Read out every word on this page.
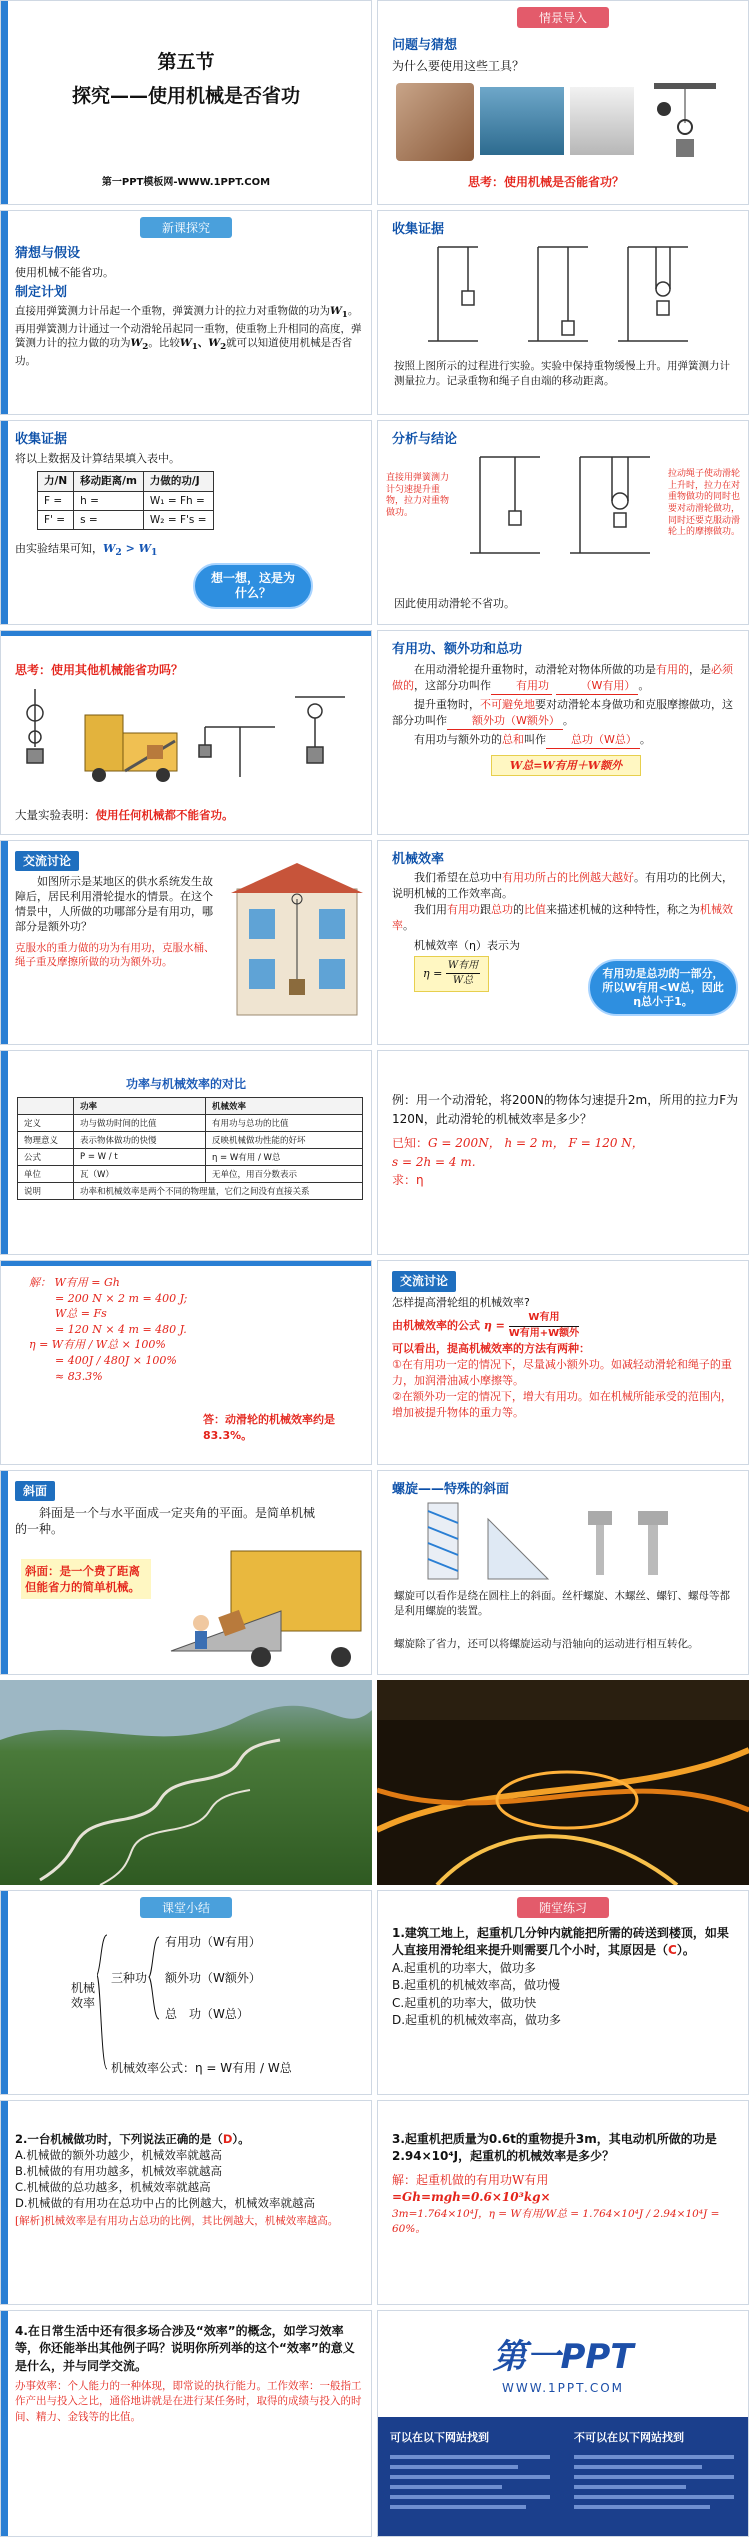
第五节
探究——使用机械是否省功
第一PPT模板网-WWW.1PPT.COM
情景导入
问题与猜想
为什么要使用这些工具？
思考：使用机械是否能省功？
新课探究
猜想与假设
使用机械不能省功。
制定计划
直接用弹簧测力计吊起一个重物，弹簧测力计的拉力对重物做的功为$W_1$。再用弹簧测力计通过一个动滑轮吊起同一重物，使重物上升相同的高度，弹簧测力计的拉力做的功为$W_2$。比较$W_1$、$W_2$就可以知道使用机械是否省功。
收集证据
按照上图所示的过程进行实验。实验中保持重物缓慢上升。用弹簧测力计测量拉力。记录重物和绳子自由端的移动距离。
收集证据
将以上数据及计算结果填入表中。
力/N	移动距离/m	力做的功/J
F =	h =	W₁ = Fh =
F' =	s =	W₂ = F's =
由实验结果可知，$W_2 > W_1$
想一想，这是为什么？
分析与结论
直接用弹簧测力计匀速提升重物，拉力对重物做功。
拉动绳子使动滑轮上升时，拉力在对重物做功的同时也要对动滑轮做功，同时还要克服动滑轮上的摩擦做功。
因此使用动滑轮不省功。
思考：使用其他机械能省功吗？
大量实验表明：使用任何机械都不能省功。
有用功、额外功和总功
在用动滑轮提升重物时，动滑轮对物体所做的功是有用的，是必须做的，这部分功叫作 有用功	（W有用） 。
提升重物时，不可避免地要对动滑轮本身做功和克服摩擦做功，这部分功叫作 额外功（W额外） 。
有用功与额外功的总和叫作 总功（W总） 。
W总=W有用＋W额外
交流讨论
如图所示是某地区的供水系统发生故障后，居民利用滑轮提水的情景。在这个情景中，人所做的功哪部分是有用功，哪部分是额外功？
克服水的重力做的功为有用功，克服水桶、绳子重及摩擦所做的功为额外功。
机械效率
我们希望在总功中有用功所占的比例越大越好。有用功的比例大，说明机械的工作效率高。
我们用有用功跟总功的比值来描述机械的这种特性，称之为机械效率。
机械效率（η）表示为
$\eta = \frac{\text{W有用}}{\text{W总}}$	有用功是总功的一部分，所以W有用<W总，因此η总小于1。
功率与机械效率的对比
	功率	机械效率
定义	功与做功时间的比值	有用功与总功的比值
物理意义	表示物体做功的快慢	反映机械做功性能的好坏
公式	P = W / t	η = W有用 / W总
单位	瓦（W）	无单位，用百分数表示
说明	功率和机械效率是两个不同的物理量，它们之间没有直接关系	
例：用一个动滑轮，将200N的物体匀速提升2m，所用的拉力F为120N，此动滑轮的机械效率是多少？
已知：G = 200N， h = 2 m， F = 120 N，
s = 2h = 4 m.
求：η
解： W有用 = Gh
= 200 N × 2 m = 400 J;
W总 = Fs
= 120 N × 4 m = 480 J.
η = W有用 / W总 × 100%
= 400J / 480J × 100%
≈ 83.3%
答：动滑轮的机械效率约是83.3%。
交流讨论
怎样提高滑轮组的机械效率?
由机械效率的公式 $\eta = \frac{\text{W有用}}{\text{W有用+W额外}}$
可以看出，提高机械效率的方法有两种：
①在有用功一定的情况下，尽量减小额外功。如减轻动滑轮和绳子的重力，加润滑油减小摩擦等。
②在额外功一定的情况下，增大有用功。如在机械所能承受的范围内，增加被提升物体的重力等。
斜面
斜面是一个与水平面成一定夹角的平面。是简单机械的一种。
斜面：是一个费了距离但能省力的简单机械。
螺旋——特殊的斜面
螺旋可以看作是绕在圆柱上的斜面。丝杆螺旋、木螺丝、螺钉、螺母等都是利用螺旋的装置。
螺旋除了省力，还可以将螺旋运动与沿轴向的运动进行相互转化。
课堂小结
机械效率
三种功
有用功（W有用）
额外功（W额外）
总　功（W总）
机械效率公式：η = W有用 / W总
随堂练习
1.建筑工地上，起重机几分钟内就能把所需的砖送到楼顶，如果人直接用滑轮组来提升则需要几个小时，其原因是（C）。
A.起重机的功率大，做功多
B.起重机的机械效率高，做功慢
C.起重机的功率大，做功快
D.起重机的机械效率高，做功多
2.一台机械做功时，下列说法正确的是（D）。
A.机械做的额外功越少，机械效率就越高
B.机械做的有用功越多，机械效率就越高
C.机械做的总功越多，机械效率就越高
D.机械做的有用功在总功中占的比例越大，机械效率就越高
[解析]机械效率是有用功占总功的比例，其比例越大，机械效率越高。
3.起重机把质量为0.6t的重物提升3m，其电动机所做的功是2.94×10⁴J，起重机的机械效率是多少？
解：起重机做的有用功W有用
=Gh=mgh=0.6×10³kg×
3m=1.764×10⁴J，η = W有用/W总 = 1.764×10⁴J / 2.94×10⁴J = 60%。
4.在日常生活中还有很多场合涉及“效率”的概念，如学习效率等，你还能举出其他例子吗？说明你所列举的这个“效率”的意义是什么，并与同学交流。
办事效率：个人能力的一种体现，即常说的执行能力。工作效率：一般指工作产出与投入之比，通俗地讲就是在进行某任务时，取得的成绩与投入的时间、精力、金钱等的比值。
第一PPT
WWW.1PPT.COM
可以在以下网站找到	不可以在以下网站找到
